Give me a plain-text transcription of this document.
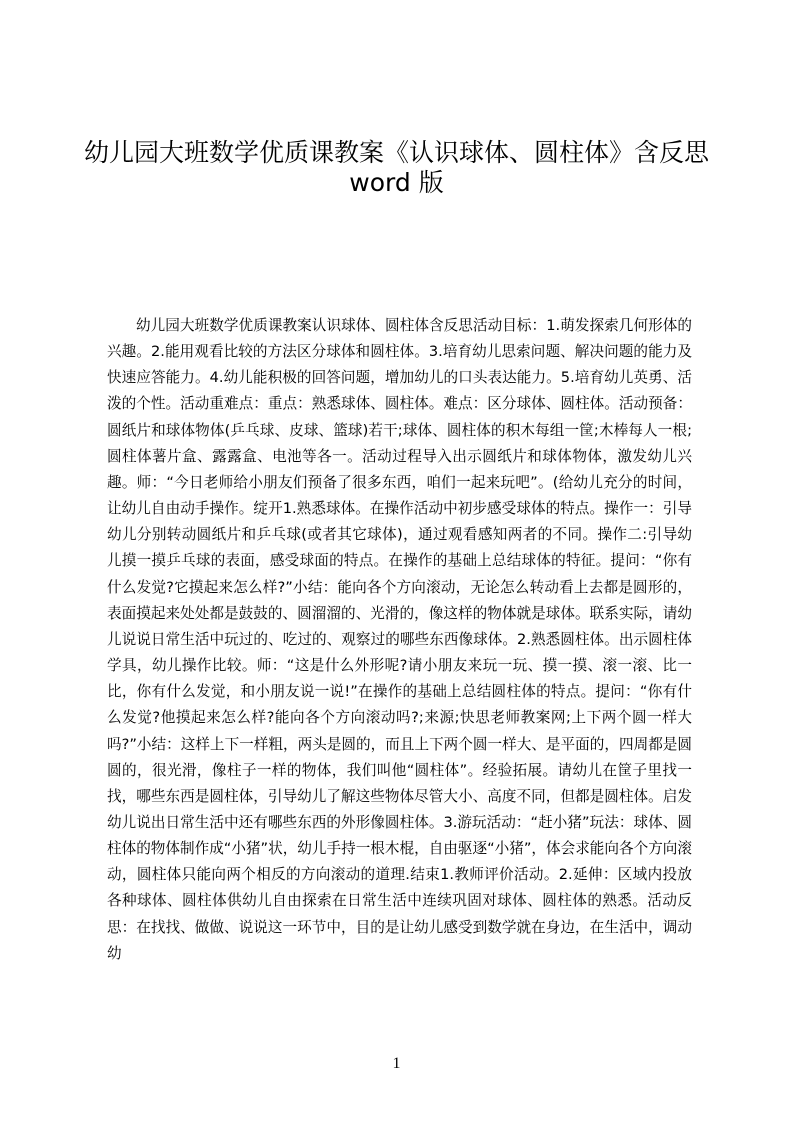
幼儿园大班数学优质课教案《认识球体、圆柱体》含反思
word 版
幼儿园大班数学优质课教案认识球体、圆柱体含反思活动目标：1.萌发探索几何形体的兴趣。2.能用观看比较的方法区分球体和圆柱体。3.培育幼儿思索问题、解决问题的能力及快速应答能力。4.幼儿能积极的回答问题，增加幼儿的口头表达能力。5.培育幼儿英勇、活泼的个性。活动重难点：重点：熟悉球体、圆柱体。难点：区分球体、圆柱体。活动预备：圆纸片和球体物体(乒乓球、皮球、篮球)若干;球体、圆柱体的积木每组一筐;木棒每人一根;圆柱体薯片盒、露露盒、电池等各一。活动过程导入出示圆纸片和球体物体，激发幼儿兴趣。师：“今日老师给小朋友们预备了很多东西，咱们一起来玩吧”。(给幼儿充分的时间，让幼儿自由动手操作。绽开1.熟悉球体。在操作活动中初步感受球体的特点。操作一：引导幼儿分别转动圆纸片和乒乓球(或者其它球体)，通过观看感知两者的不同。操作二:引导幼儿摸一摸乒乓球的表面，感受球面的特点。在操作的基础上总结球体的特征。提问：“你有什么发觉?它摸起来怎么样?”小结：能向各个方向滚动，无论怎么转动看上去都是圆形的，表面摸起来处处都是鼓鼓的、圆溜溜的、光滑的，像这样的物体就是球体。联系实际，请幼儿说说日常生活中玩过的、吃过的、观察过的哪些东西像球体。2.熟悉圆柱体。出示圆柱体学具，幼儿操作比较。师：“这是什么外形呢?请小朋友来玩一玩、摸一摸、滚一滚、比一比，你有什么发觉，和小朋友说一说!”在操作的基础上总结圆柱体的特点。提问：“你有什么发觉?他摸起来怎么样?能向各个方向滚动吗?;来源;快思老师教案网;上下两个圆一样大吗?”小结：这样上下一样粗，两头是圆的，而且上下两个圆一样大、是平面的，四周都是圆圆的，很光滑，像柱子一样的物体，我们叫他“圆柱体”。经验拓展。请幼儿在筐子里找一找，哪些东西是圆柱体，引导幼儿了解这些物体尽管大小、高度不同，但都是圆柱体。启发幼儿说出日常生活中还有哪些东西的外形像圆柱体。3.游玩活动：“赶小猪”玩法：球体、圆柱体的物体制作成“小猪”状，幼儿手持一根木棍，自由驱逐“小猪”，体会求能向各个方向滚动，圆柱体只能向两个相反的方向滚动的道理.结束1.教师评价活动。2.延伸：区域内投放各种球体、圆柱体供幼儿自由探索在日常生活中连续巩固对球体、圆柱体的熟悉。活动反思：在找找、做做、说说这一环节中，目的是让幼儿感受到数学就在身边，在生活中，调动幼
1
